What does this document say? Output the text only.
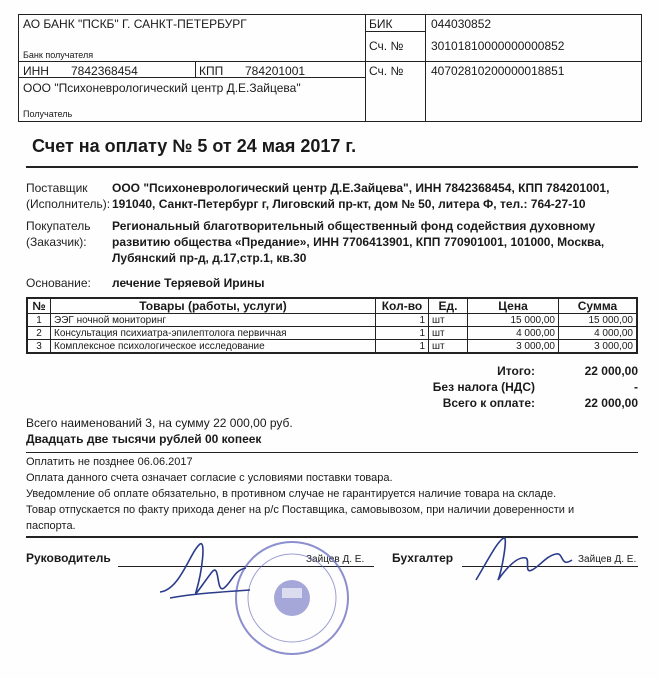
АО БАНК "ПСКБ" Г. САНКТ-ПЕТЕРБУРГ	БИК	044030852
Сч. № 30101810000000000852
Банк получателя
ИНН 7842368454	КПП 784201001	Сч. № 40702810200000018851
ООО "Психоневрологический центр Д.Е.Зайцева"
Получатель
Счет на оплату № 5 от 24 мая 2017 г.
Поставщик
(Исполнитель):
ООО "Психоневрологический центр Д.Е.Зайцева", ИНН 7842368454, КПП 784201001,
191040, Санкт-Петербург г, Лиговский пр-кт, дом № 50, литера Ф, тел.: 764-27-10
Покупатель
(Заказчик):
Региональный благотворительный общественный фонд содействия духовному
развитию общества «Предание», ИНН 7706413901, КПП 770901001, 101000, Москва,
Лубянский пр-д, д.17,стр.1, кв.30
Основание: лечение Теряевой Ирины
№	Товары (работы, услуги)	Кол-во	Ед.	Цена	Сумма
1	ЭЭГ ночной мониторинг	1	шт	15 000,00	15 000,00
2	Консультация психиатра-эпилептолога первичная	1	шт	4 000,00	4 000,00
3	Комплексное психологическое исследование	1	шт	3 000,00	3 000,00
Итого:	22 000,00
Без налога (НДС)	-
Всего к оплате:	22 000,00
Всего наименований 3, на сумму 22 000,00 руб.
Двадцать две тысячи рублей 00 копеек
Оплатить не позднее 06.06.2017
Оплата данного счета означает согласие с условиями поставки товара.
Уведомление об оплате обязательно, в противном случае не гарантируется наличие товара на складе.
Товар отпускается по факту прихода денег на р/с Поставщика, самовывозом, при наличии доверенности и
паспорта.
Руководитель	Зайцев Д. Е. Бухгалтер	Зайцев Д. Е.
